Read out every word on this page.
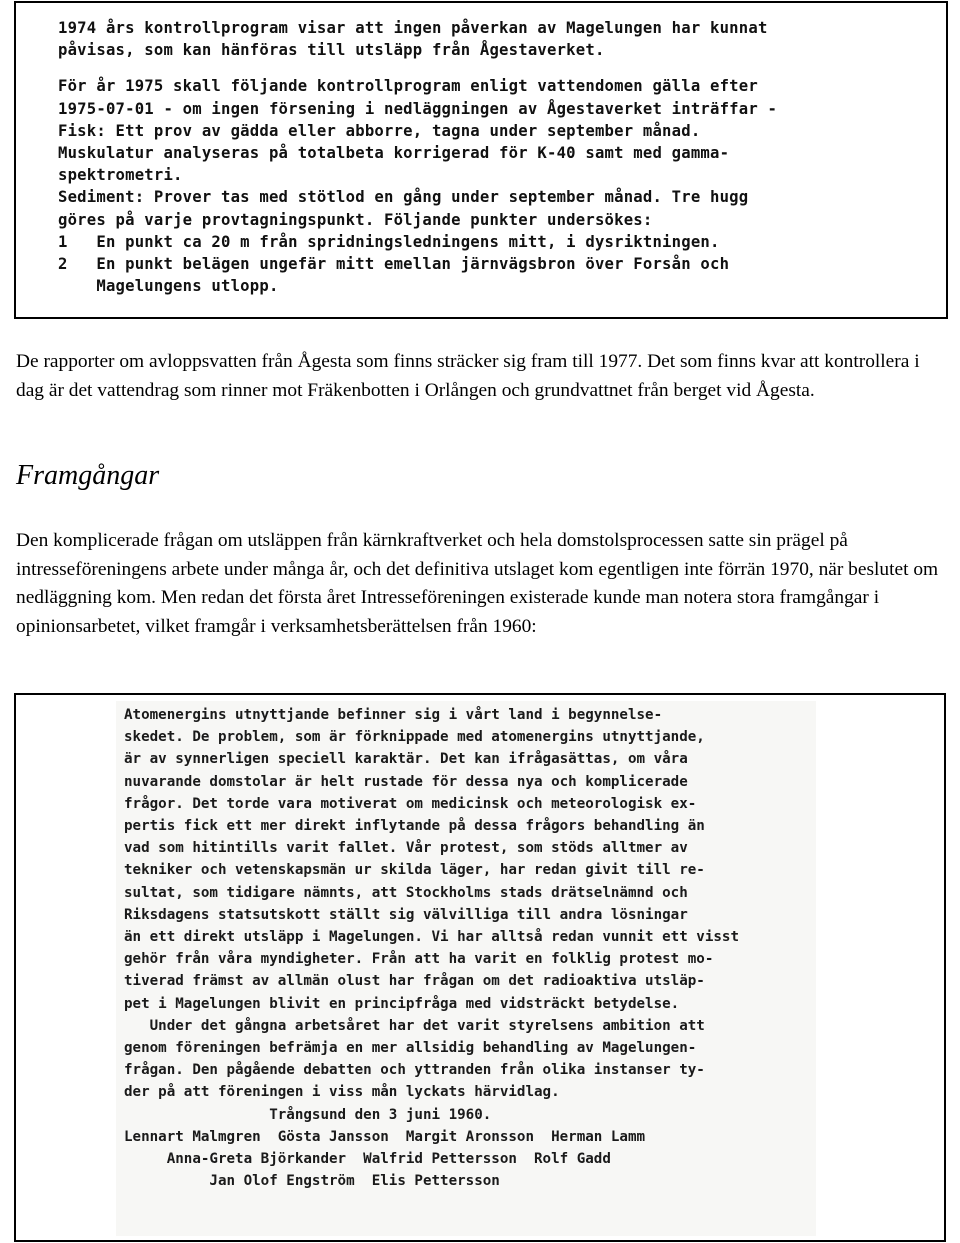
1974 års kontrollprogram visar att ingen påverkan av Magelungen har kunnat
påvisas, som kan hänföras till utsläpp från Ågestaverket.
För år 1975 skall följande kontrollprogram enligt vattendomen gälla efter
1975-07-01 - om ingen försening i nedläggningen av Ågestaverket inträffar -
Fisk: Ett prov av gädda eller abborre, tagna under september månad.
Muskulatur analyseras på totalbeta korrigerad för K-40 samt med gamma-
spektrometri.
Sediment: Prover tas med stötlod en gång under september månad. Tre hugg
göres på varje provtagningspunkt. Följande punkter undersökes:
1   En punkt ca 20 m från spridningsledningens mitt, i dysriktningen.
2   En punkt belägen ungefär mitt emellan järnvägsbron över Forsån och
Magelungens utlopp.
De rapporter om avloppsvatten från Ågesta som finns sträcker sig fram till 1977. Det som finns kvar att kontrollera i dag är det vattendrag som rinner mot Fräkenbotten i Orlången och grundvattnet från berget vid Ågesta.
Framgångar
Den komplicerade frågan om utsläppen från kärnkraftverket och hela domstolsprocessen satte sin prägel på intresseföreningens arbete under många år, och det definitiva utslaget kom egentligen inte förrän 1970, när beslutet om nedläggning kom. Men redan det första året Intresseföreningen existerade kunde man notera stora framgångar i opinionsarbetet, vilket framgår i verksamhetsberättelsen från 1960:
Atomenergins utnyttjande befinner sig i vårt land i begynnelse-
skedet. De problem, som är förknippade med atomenergins utnyttjande,
är av synnerligen speciell karaktär. Det kan ifrågasättas, om våra
nuvarande domstolar är helt rustade för dessa nya och komplicerade
frågor. Det torde vara motiverat om medicinsk och meteorologisk ex-
pertis fick ett mer direkt inflytande på dessa frågors behandling än
vad som hitintills varit fallet. Vår protest, som stöds alltmer av
tekniker och vetenskapsmän ur skilda läger, har redan givit till re-
sultat, som tidigare nämnts, att Stockholms stads drätselnämnd och
Riksdagens statsutskott ställt sig välvilliga till andra lösningar
än ett direkt utsläpp i Magelungen. Vi har alltså redan vunnit ett visst
gehör från våra myndigheter. Från att ha varit en folklig protest mo-
tiverad främst av allmän olust har frågan om det radioaktiva utsläp-
pet i Magelungen blivit en principfråga med vidsträckt betydelse.
Under det gångna arbetsåret har det varit styrelsens ambition att
genom föreningen befrämja en mer allsidig behandling av Magelungen-
frågan. Den pågående debatten och yttranden från olika instanser ty-
der på att föreningen i viss mån lyckats härvidlag.
Trångsund den 3 juni 1960.
Lennart Malmgren  Gösta Jansson  Margit Aronsson  Herman Lamm
Anna-Greta Björkander  Walfrid Pettersson  Rolf Gadd
Jan Olof Engström  Elis Pettersson
